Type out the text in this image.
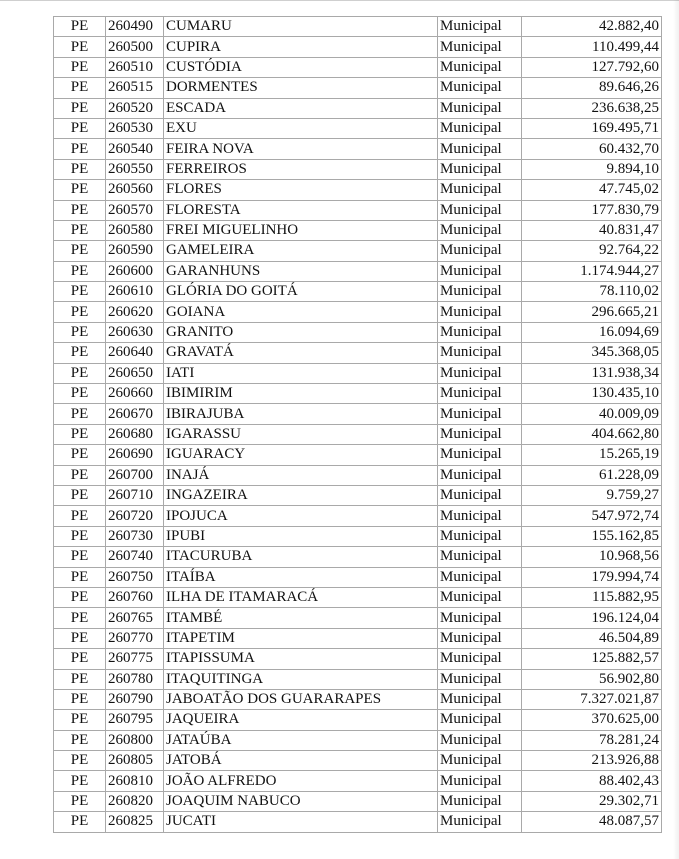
PE	260490	CUMARU	Municipal	42.882,40
PE	260500	CUPIRA	Municipal	110.499,44
PE	260510	CUSTÓDIA	Municipal	127.792,60
PE	260515	DORMENTES	Municipal	89.646,26
PE	260520	ESCADA	Municipal	236.638,25
PE	260530	EXU	Municipal	169.495,71
PE	260540	FEIRA NOVA	Municipal	60.432,70
PE	260550	FERREIROS	Municipal	9.894,10
PE	260560	FLORES	Municipal	47.745,02
PE	260570	FLORESTA	Municipal	177.830,79
PE	260580	FREI MIGUELINHO	Municipal	40.831,47
PE	260590	GAMELEIRA	Municipal	92.764,22
PE	260600	GARANHUNS	Municipal	1.174.944,27
PE	260610	GLÓRIA DO GOITÁ	Municipal	78.110,02
PE	260620	GOIANA	Municipal	296.665,21
PE	260630	GRANITO	Municipal	16.094,69
PE	260640	GRAVATÁ	Municipal	345.368,05
PE	260650	IATI	Municipal	131.938,34
PE	260660	IBIMIRIM	Municipal	130.435,10
PE	260670	IBIRAJUBA	Municipal	40.009,09
PE	260680	IGARASSU	Municipal	404.662,80
PE	260690	IGUARACY	Municipal	15.265,19
PE	260700	INAJÁ	Municipal	61.228,09
PE	260710	INGAZEIRA	Municipal	9.759,27
PE	260720	IPOJUCA	Municipal	547.972,74
PE	260730	IPUBI	Municipal	155.162,85
PE	260740	ITACURUBA	Municipal	10.968,56
PE	260750	ITAÍBA	Municipal	179.994,74
PE	260760	ILHA DE ITAMARACÁ	Municipal	115.882,95
PE	260765	ITAMBÉ	Municipal	196.124,04
PE	260770	ITAPETIM	Municipal	46.504,89
PE	260775	ITAPISSUMA	Municipal	125.882,57
PE	260780	ITAQUITINGA	Municipal	56.902,80
PE	260790	JABOATÃO DOS GUARARAPES	Municipal	7.327.021,87
PE	260795	JAQUEIRA	Municipal	370.625,00
PE	260800	JATAÚBA	Municipal	78.281,24
PE	260805	JATOBÁ	Municipal	213.926,88
PE	260810	JOÃO ALFREDO	Municipal	88.402,43
PE	260820	JOAQUIM NABUCO	Municipal	29.302,71
PE	260825	JUCATI	Municipal	48.087,57
